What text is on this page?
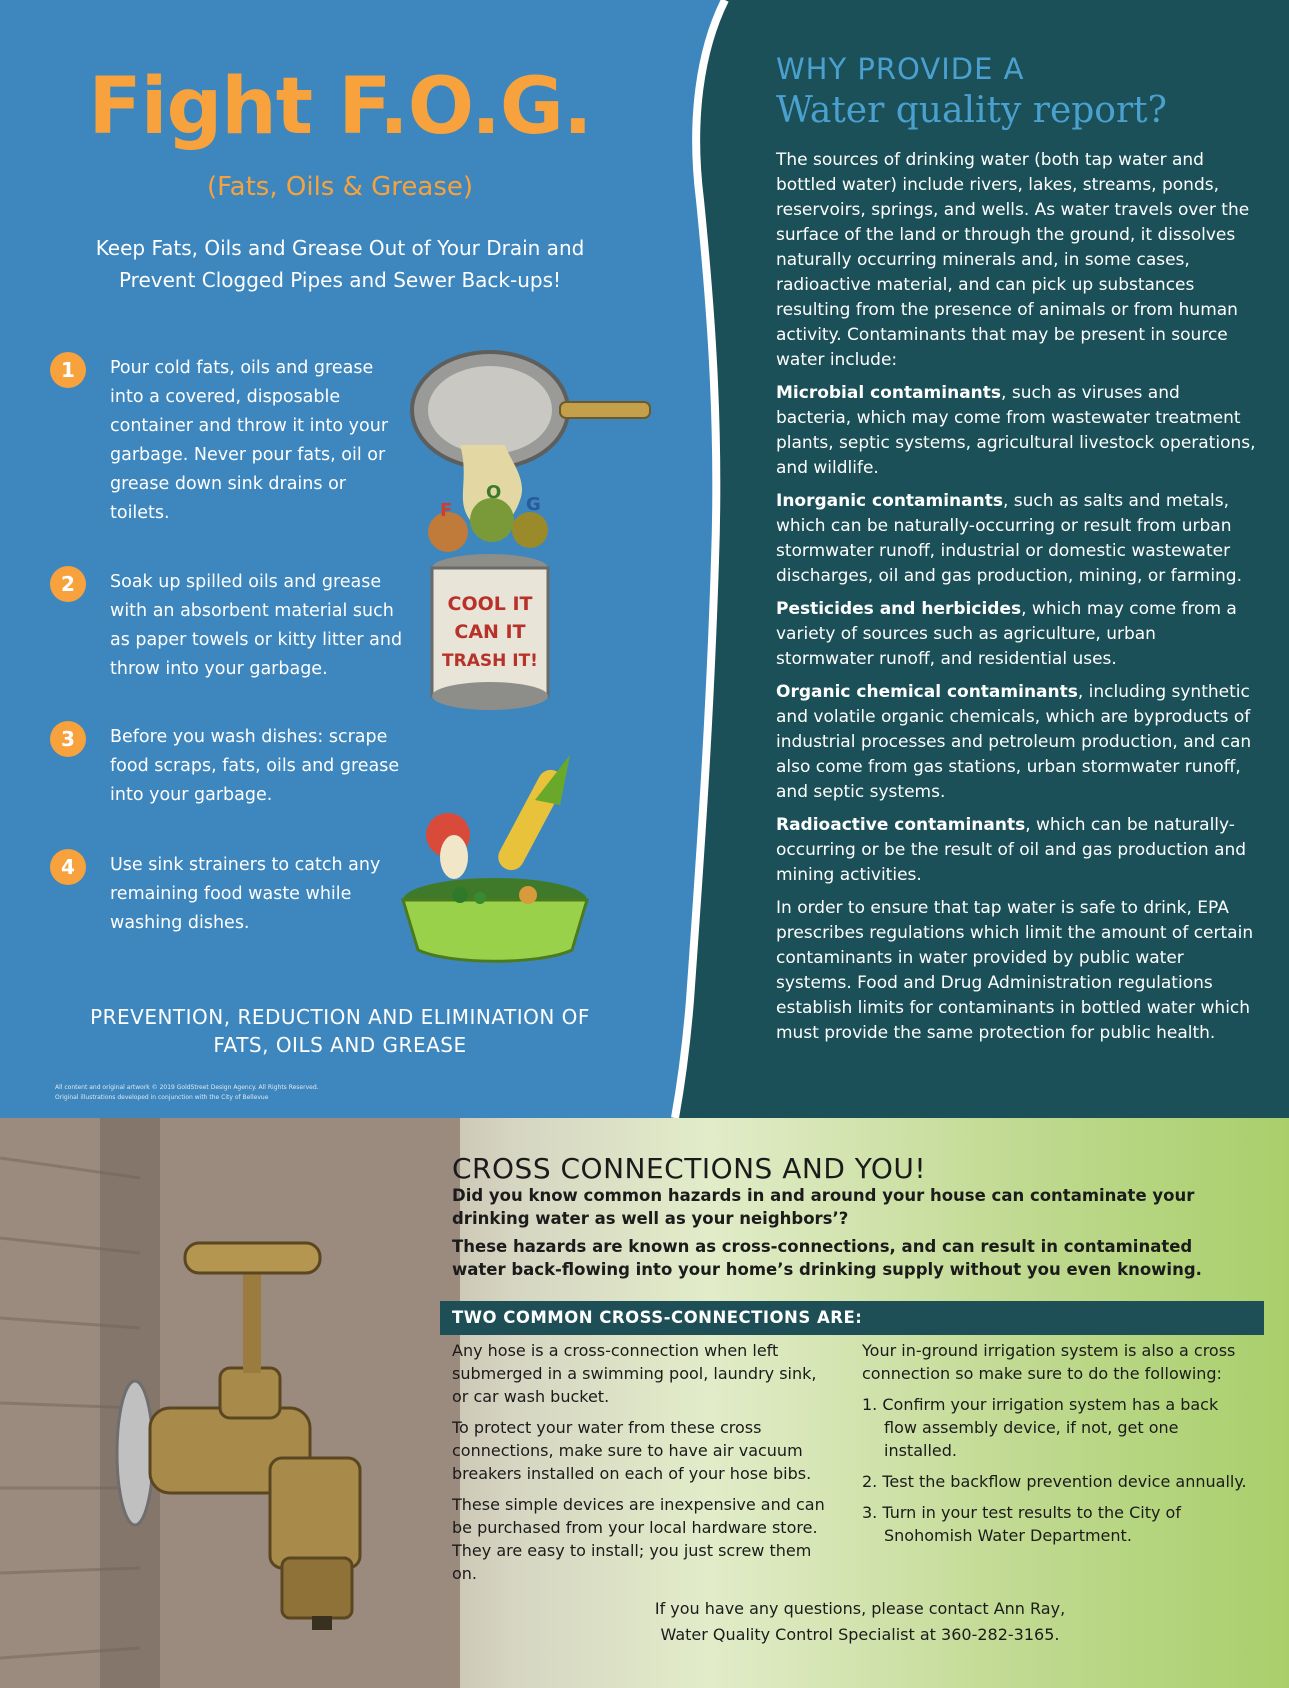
Fight F.O.G.
(Fats, Oils & Grease)
Keep Fats, Oils and Grease Out of Your Drain and Prevent Clogged Pipes and Sewer Back-ups!
1	Pour cold fats, oils and grease into a covered, disposable container and throw it into your garbage. Never pour fats, oil or grease down sink drains or toilets.
2	Soak up spilled oils and grease with an absorbent material such as paper towels or kitty litter and throw into your garbage.
3	Before you wash dishes: scrape food scraps, fats, oils and grease into your garbage.
4	Use sink strainers to catch any remaining food waste while washing dishes.
F
O
G
COOL IT
CAN IT
TRASH IT!
PREVENTION, REDUCTION AND ELIMINATION OF FATS, OILS AND GREASE
All content and original artwork © 2019 GoldStreet Design Agency. All Rights Reserved.
Original illustrations developed in conjunction with the City of Bellevue
WHY PROVIDE A
Water quality report?

The sources of drinking water (both tap water and bottled water) include rivers, lakes, streams, ponds, reservoirs, springs, and wells. As water travels over the surface of the land or through the ground, it dissolves naturally occurring minerals and, in some cases, radioactive material, and can pick up substances resulting from the presence of animals or from human activity. Contaminants that may be present in source water include:

Microbial contaminants, such as viruses and bacteria, which may come from wastewater treatment plants, septic systems, agricultural livestock operations, and wildlife.

Inorganic contaminants, such as salts and metals, which can be naturally-occurring or result from urban stormwater runoff, industrial or domestic wastewater discharges, oil and gas production, mining, or farming.

Pesticides and herbicides, which may come from a variety of sources such as agriculture, urban stormwater runoff, and residential uses.

Organic chemical contaminants, including synthetic and volatile organic chemicals, which are byproducts of industrial processes and petroleum production, and can also come from gas stations, urban stormwater runoff, and septic systems.

Radioactive contaminants, which can be naturally-occurring or be the result of oil and gas production and mining activities.

In order to ensure that tap water is safe to drink, EPA prescribes regulations which limit the amount of certain contaminants in water provided by public water systems. Food and Drug Administration regulations establish limits for contaminants in bottled water which must provide the same protection for public health.

CROSS CONNECTIONS AND YOU!
Did you know common hazards in and around your house can contaminate your drinking water as well as your neighbors’?
These hazards are known as cross-connections, and can result in contaminated water back-flowing into your home’s drinking supply without you even knowing.
TWO COMMON CROSS-CONNECTIONS ARE:

Any hose is a cross-connection when left submerged in a swimming pool, laundry sink, or car wash bucket.

To protect your water from these cross connections, make sure to have air vacuum breakers installed on each of your hose bibs.

These simple devices are inexpensive and can be purchased from your local hardware store. They are easy to install; you just screw them on.

Your in-ground irrigation system is also a cross connection so make sure to do the following:

1. Confirm your irrigation system has a back flow assembly device, if not, get one installed.
2. Test the backflow prevention device annually.
3. Turn in your test results to the City of Snohomish Water Department.
If you have any questions, please contact Ann Ray,
Water Quality Control Specialist at 360-282-3165.
